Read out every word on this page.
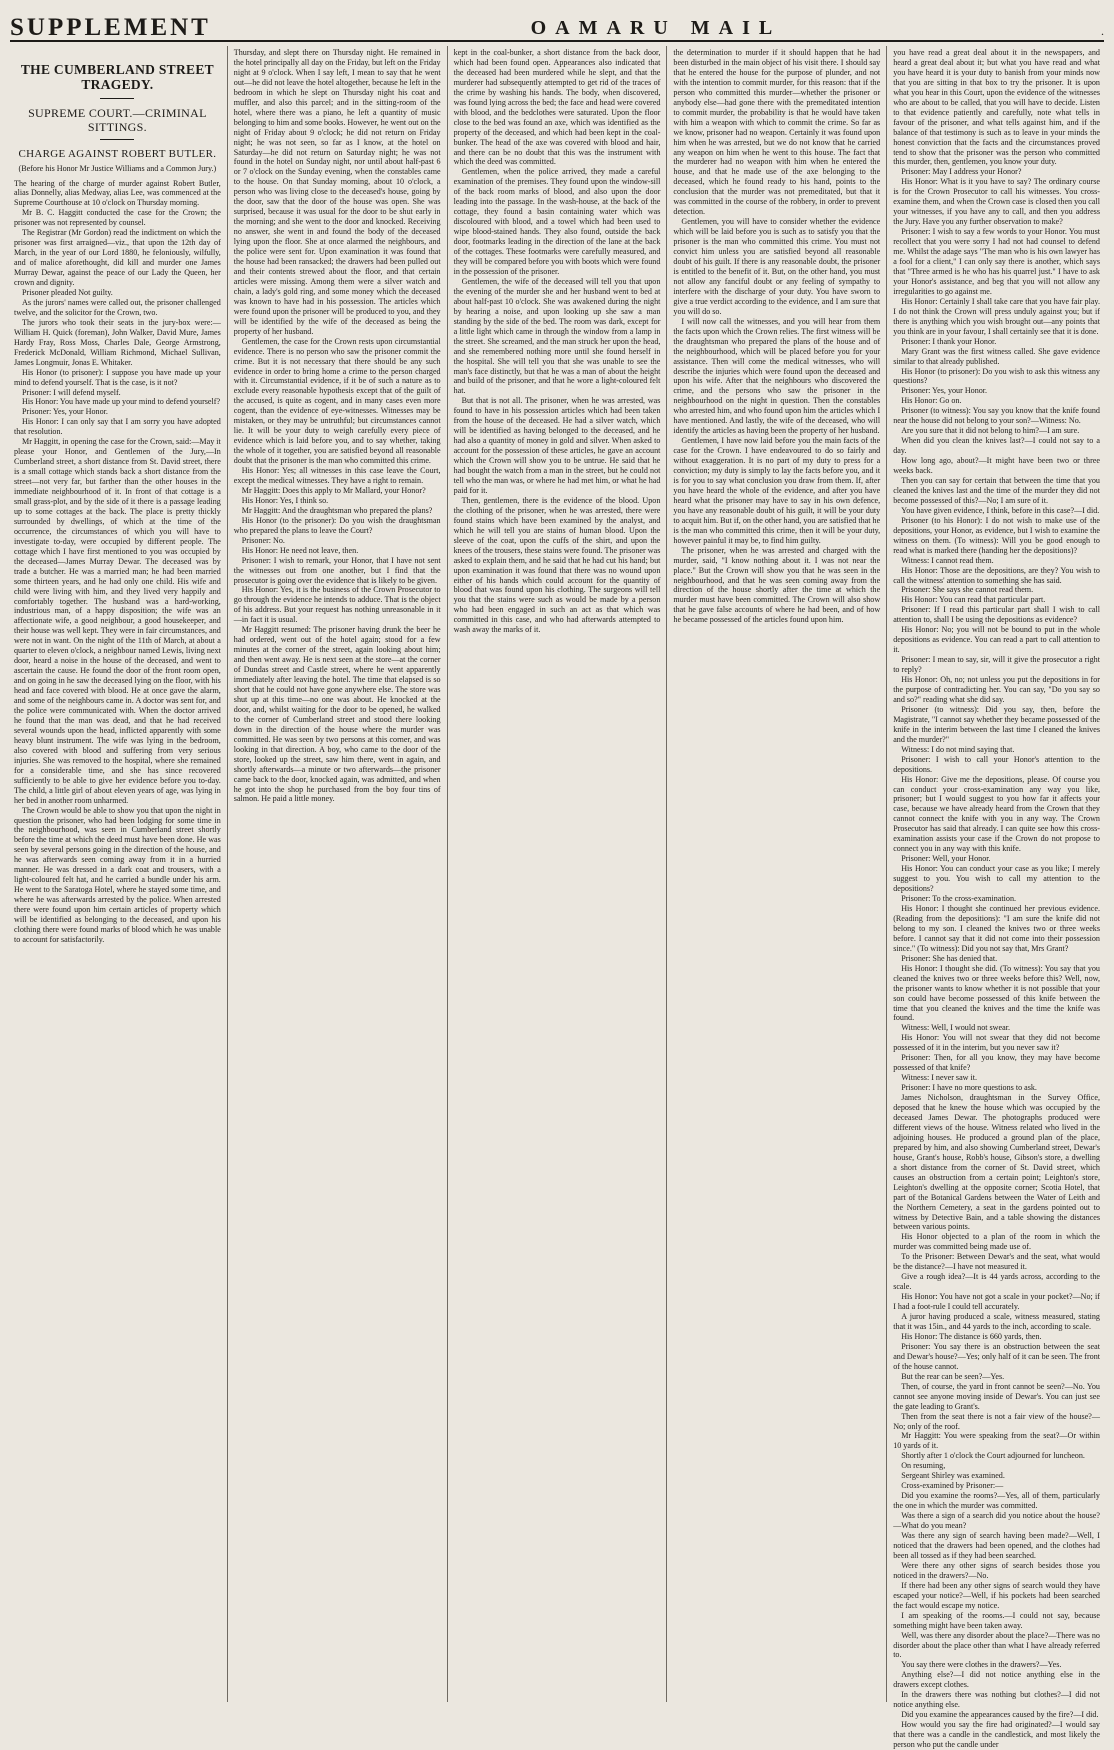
SUPPLEMENT	OAMARU MAIL	.
THE CUMBERLAND STREET TRAGEDY.
SUPREME COURT.—CRIMINAL SITTINGS.
CHARGE AGAINST ROBERT BUTLER.
(Before his Honor Mr Justice Williams and a Common Jury.)

The hearing of the charge of murder against Robert Butler, alias Donnelly, alias Medway, alias Lee, was commenced at the Supreme Courthouse at 10 o'clock on Thursday morning.

Mr B. C. Haggitt conducted the case for the Crown; the prisoner was not represented by counsel.

The Registrar (Mr Gordon) read the indictment on which the prisoner was first arraigned—viz., that upon the 12th day of March, in the year of our Lord 1880, he feloniously, wilfully, and of malice aforethought, did kill and murder one James Murray Dewar, against the peace of our Lady the Queen, her crown and dignity.

Prisoner pleaded Not guilty.

As the jurors' names were called out, the prisoner challenged twelve, and the solicitor for the Crown, two.

The jurors who took their seats in the jury-box were:—William H. Quick (foreman), John Walker, David Mure, James Hardy Fray, Ross Moss, Charles Dale, George Armstrong, Frederick McDonald, William Richmond, Michael Sullivan, James Longmuir, Jonas E. Whitaker.

His Honor (to prisoner): I suppose you have made up your mind to defend yourself. That is the case, is it not?

Prisoner: I will defend myself.

His Honor: You have made up your mind to defend yourself?

Prisoner: Yes, your Honor.

His Honor: I can only say that I am sorry you have adopted that resolution.

Mr Haggitt, in opening the case for the Crown, said:—May it please your Honor, and Gentlemen of the Jury,—In Cumberland street, a short distance from St. David street, there is a small cottage which stands back a short distance from the street—not very far, but farther than the other houses in the immediate neighbourhood of it. In front of that cottage is a small grass-plot, and by the side of it there is a passage leading up to some cottages at the back. The place is pretty thickly surrounded by dwellings, of which at the time of the occurrence, the circumstances of which you will have to investigate to-day, were occupied by different people. The cottage which I have first mentioned to you was occupied by the deceased—James Murray Dewar. The deceased was by trade a butcher. He was a married man; he had been married some thirteen years, and he had only one child. His wife and child were living with him, and they lived very happily and comfortably together. The husband was a hard-working, industrious man, of a happy disposition; the wife was an affectionate wife, a good neighbour, a good housekeeper, and their house was well kept. They were in fair circumstances, and were not in want. On the night of the 11th of March, at about a quarter to eleven o'clock, a neighbour named Lewis, living next door, heard a noise in the house of the deceased, and went to ascertain the cause. He found the door of the front room open, and on going in he saw the deceased lying on the floor, with his head and face covered with blood. He at once gave the alarm, and some of the neighbours came in. A doctor was sent for, and the police were communicated with. When the doctor arrived he found that the man was dead, and that he had received several wounds upon the head, inflicted apparently with some heavy blunt instrument. The wife was lying in the bedroom, also covered with blood and suffering from very serious injuries. She was removed to the hospital, where she remained for a considerable time, and she has since recovered sufficiently to be able to give her evidence before you to-day. The child, a little girl of about eleven years of age, was lying in her bed in another room unharmed.

The Crown would be able to show you that upon the night in question the prisoner, who had been lodging for some time in the neighbourhood, was seen in Cumberland street shortly before the time at which the deed must have been done. He was seen by several persons going in the direction of the house, and he was afterwards seen coming away from it in a hurried manner. He was dressed in a dark coat and trousers, with a light-coloured felt hat, and he carried a bundle under his arm. He went to the Saratoga Hotel, where he stayed some time, and where he was afterwards arrested by the police. When arrested there were found upon him certain articles of property which will be identified as belonging to the deceased, and upon his clothing there were found marks of blood which he was unable to account for satisfactorily.

Thursday, and slept there on Thursday night. He remained in the hotel principally all day on the Friday, but left on the Friday night at 9 o'clock. When I say left, I mean to say that he went out—he did not leave the hotel altogether, because he left in the bedroom in which he slept on Thursday night his coat and muffler, and also this parcel; and in the sitting-room of the hotel, where there was a piano, he left a quantity of music belonging to him and some books. However, he went out on the night of Friday about 9 o'clock; he did not return on Friday night; he was not seen, so far as I know, at the hotel on Saturday—he did not return on Saturday night; he was not found in the hotel on Sunday night, nor until about half-past 6 or 7 o'clock on the Sunday evening, when the constables came to the house. On that Sunday morning, about 10 o'clock, a person who was living close to the deceased's house, going by the door, saw that the door of the house was open. She was surprised, because it was usual for the door to be shut early in the morning; and she went to the door and knocked. Receiving no answer, she went in and found the body of the deceased lying upon the floor. She at once alarmed the neighbours, and the police were sent for. Upon examination it was found that the house had been ransacked; the drawers had been pulled out and their contents strewed about the floor, and that certain articles were missing. Among them were a silver watch and chain, a lady's gold ring, and some money which the deceased was known to have had in his possession. The articles which were found upon the prisoner will be produced to you, and they will be identified by the wife of the deceased as being the property of her husband.

Gentlemen, the case for the Crown rests upon circumstantial evidence. There is no person who saw the prisoner commit the crime. But it is not necessary that there should be any such evidence in order to bring home a crime to the person charged with it. Circumstantial evidence, if it be of such a nature as to exclude every reasonable hypothesis except that of the guilt of the accused, is quite as cogent, and in many cases even more cogent, than the evidence of eye-witnesses. Witnesses may be mistaken, or they may be untruthful; but circumstances cannot lie. It will be your duty to weigh carefully every piece of evidence which is laid before you, and to say whether, taking the whole of it together, you are satisfied beyond all reasonable doubt that the prisoner is the man who committed this crime.

His Honor: Yes; all witnesses in this case leave the Court, except the medical witnesses. They have a right to remain.

Mr Haggitt: Does this apply to Mr Mallard, your Honor?

His Honor: Yes, I think so.

Mr Haggitt: And the draughtsman who prepared the plans?

His Honor (to the prisoner): Do you wish the draughtsman who prepared the plans to leave the Court?

Prisoner: No.

His Honor: He need not leave, then.

Prisoner: I wish to remark, your Honor, that I have not sent the witnesses out from one another, but I find that the prosecutor is going over the evidence that is likely to be given.

His Honor: Yes, it is the business of the Crown Prosecutor to go through the evidence he intends to adduce. That is the object of his address. But your request has nothing unreasonable in it—in fact it is usual.

Mr Haggitt resumed: The prisoner having drunk the beer he had ordered, went out of the hotel again; stood for a few minutes at the corner of the street, again looking about him; and then went away. He is next seen at the store—at the corner of Dundas street and Castle street, where he went apparently immediately after leaving the hotel. The time that elapsed is so short that he could not have gone anywhere else. The store was shut up at this time—no one was about. He knocked at the door, and, whilst waiting for the door to be opened, he walked to the corner of Cumberland street and stood there looking down in the direction of the house where the murder was committed. He was seen by two persons at this corner, and was looking in that direction. A boy, who came to the door of the store, looked up the street, saw him there, went in again, and shortly afterwards—a minute or two afterwards—the prisoner came back to the door, knocked again, was admitted, and when he got into the shop he purchased from the boy four tins of salmon. He paid a little money.

kept in the coal-bunker, a short distance from the back door, which had been found open. Appearances also indicated that the deceased had been murdered while he slept, and that the murderer had subsequently attempted to get rid of the traces of the crime by washing his hands. The body, when discovered, was found lying across the bed; the face and head were covered with blood, and the bedclothes were saturated. Upon the floor close to the bed was found an axe, which was identified as the property of the deceased, and which had been kept in the coal-bunker. The head of the axe was covered with blood and hair, and there can be no doubt that this was the instrument with which the deed was committed.

Gentlemen, when the police arrived, they made a careful examination of the premises. They found upon the window-sill of the back room marks of blood, and also upon the door leading into the passage. In the wash-house, at the back of the cottage, they found a basin containing water which was discoloured with blood, and a towel which had been used to wipe blood-stained hands. They also found, outside the back door, footmarks leading in the direction of the lane at the back of the cottages. These footmarks were carefully measured, and they will be compared before you with boots which were found in the possession of the prisoner.

Gentlemen, the wife of the deceased will tell you that upon the evening of the murder she and her husband went to bed at about half-past 10 o'clock. She was awakened during the night by hearing a noise, and upon looking up she saw a man standing by the side of the bed. The room was dark, except for a little light which came in through the window from a lamp in the street. She screamed, and the man struck her upon the head, and she remembered nothing more until she found herself in the hospital. She will tell you that she was unable to see the man's face distinctly, but that he was a man of about the height and build of the prisoner, and that he wore a light-coloured felt hat.

But that is not all. The prisoner, when he was arrested, was found to have in his possession articles which had been taken from the house of the deceased. He had a silver watch, which will be identified as having belonged to the deceased, and he had also a quantity of money in gold and silver. When asked to account for the possession of these articles, he gave an account which the Crown will show you to be untrue. He said that he had bought the watch from a man in the street, but he could not tell who the man was, or where he had met him, or what he had paid for it.

Then, gentlemen, there is the evidence of the blood. Upon the clothing of the prisoner, when he was arrested, there were found stains which have been examined by the analyst, and which he will tell you are stains of human blood. Upon the sleeve of the coat, upon the cuffs of the shirt, and upon the knees of the trousers, these stains were found. The prisoner was asked to explain them, and he said that he had cut his hand; but upon examination it was found that there was no wound upon either of his hands which could account for the quantity of blood that was found upon his clothing. The surgeons will tell you that the stains were such as would be made by a person who had been engaged in such an act as that which was committed in this case, and who had afterwards attempted to wash away the marks of it.

the determination to murder if it should happen that he had been disturbed in the main object of his visit there. I should say that he entered the house for the purpose of plunder, and not with the intention to commit murder, for this reason: that if the person who committed this murder—whether the prisoner or anybody else—had gone there with the premeditated intention to commit murder, the probability is that he would have taken with him a weapon with which to commit the crime. So far as we know, prisoner had no weapon. Certainly it was found upon him when he was arrested, but we do not know that he carried any weapon on him when he went to this house. The fact that the murderer had no weapon with him when he entered the house, and that he made use of the axe belonging to the deceased, which he found ready to his hand, points to the conclusion that the murder was not premeditated, but that it was committed in the course of the robbery, in order to prevent detection.

Gentlemen, you will have to consider whether the evidence which will be laid before you is such as to satisfy you that the prisoner is the man who committed this crime. You must not convict him unless you are satisfied beyond all reasonable doubt of his guilt. If there is any reasonable doubt, the prisoner is entitled to the benefit of it. But, on the other hand, you must not allow any fanciful doubt or any feeling of sympathy to interfere with the discharge of your duty. You have sworn to give a true verdict according to the evidence, and I am sure that you will do so.

I will now call the witnesses, and you will hear from them the facts upon which the Crown relies. The first witness will be the draughtsman who prepared the plans of the house and of the neighbourhood, which will be placed before you for your assistance. Then will come the medical witnesses, who will describe the injuries which were found upon the deceased and upon his wife. After that the neighbours who discovered the crime, and the persons who saw the prisoner in the neighbourhood on the night in question. Then the constables who arrested him, and who found upon him the articles which I have mentioned. And lastly, the wife of the deceased, who will identify the articles as having been the property of her husband.

Gentlemen, I have now laid before you the main facts of the case for the Crown. I have endeavoured to do so fairly and without exaggeration. It is no part of my duty to press for a conviction; my duty is simply to lay the facts before you, and it is for you to say what conclusion you draw from them. If, after you have heard the whole of the evidence, and after you have heard what the prisoner may have to say in his own defence, you have any reasonable doubt of his guilt, it will be your duty to acquit him. But if, on the other hand, you are satisfied that he is the man who committed this crime, then it will be your duty, however painful it may be, to find him guilty.

The prisoner, when he was arrested and charged with the murder, said, "I know nothing about it. I was not near the place." But the Crown will show you that he was seen in the neighbourhood, and that he was seen coming away from the direction of the house shortly after the time at which the murder must have been committed. The Crown will also show that he gave false accounts of where he had been, and of how he became possessed of the articles found upon him.

you have read a great deal about it in the newspapers, and heard a great deal about it; but what you have read and what you have heard it is your duty to banish from your minds now that you are sitting in that box to try the prisoner. It is upon what you hear in this Court, upon the evidence of the witnesses who are about to be called, that you will have to decide. Listen to that evidence patiently and carefully, note what tells in favour of the prisoner, and what tells against him, and if the balance of that testimony is such as to leave in your minds the honest conviction that the facts and the circumstances proved tend to show that the prisoner was the person who committed this murder, then, gentlemen, you know your duty.

Prisoner: May I address your Honor?

His Honor: What is it you have to say? The ordinary course is for the Crown Prosecutor to call his witnesses. You cross-examine them, and when the Crown case is closed then you call your witnesses, if you have any to call, and then you address the Jury. Have you any further observation to make?

Prisoner: I wish to say a few words to your Honor. You must recollect that you were sorry I had not had counsel to defend me. Whilst the adage says "The man who is his own lawyer has a fool for a client," I can only say there is another, which says that "Three armed is he who has his quarrel just." I have to ask your Honor's assistance, and beg that you will not allow any irregularities to go against me.

His Honor: Certainly I shall take care that you have fair play. I do not think the Crown will press unduly against you; but if there is anything which you wish brought out—any points that you think are in your favour, I shall certainly see that it is done.

Prisoner: I thank your Honor.

Mary Grant was the first witness called. She gave evidence similar to that already published.

His Honor (to prisoner): Do you wish to ask this witness any questions?

Prisoner: Yes, your Honor.

His Honor: Go on.

Prisoner (to witness): You say you know that the knife found near the house did not belong to your son?—Witness: No.

Are you sure that it did not belong to him?—I am sure.

When did you clean the knives last?—I could not say to a day.

How long ago, about?—It might have been two or three weeks back.

Then you can say for certain that between the time that you cleaned the knives last and the time of the murder they did not become possessed of this?—No; I am sure of it.

You have given evidence, I think, before in this case?—I did.

Prisoner (to his Honor): I do not wish to make use of the depositions, your Honor, as evidence, but I wish to examine the witness on them. (To witness): Will you be good enough to read what is marked there (handing her the depositions)?

Witness: I cannot read them.

His Honor: Those are the depositions, are they? You wish to call the witness' attention to something she has said.

Prisoner: She says she cannot read them.

His Honor: You can read that particular part.

Prisoner: If I read this particular part shall I wish to call attention to, shall I be using the depositions as evidence?

His Honor: No; you will not be bound to put in the whole depositions as evidence. You can read a part to call attention to it.

Prisoner: I mean to say, sir, will it give the prosecutor a right to reply?

His Honor: Oh, no; not unless you put the depositions in for the purpose of contradicting her. You can say, "Do you say so and so?" reading what she did say.

Prisoner (to witness): Did you say, then, before the Magistrate, "I cannot say whether they became possessed of the knife in the interim between the last time I cleaned the knives and the murder?"

Witness: I do not mind saying that.

Prisoner: I wish to call your Honor's attention to the depositions.

His Honor: Give me the depositions, please. Of course you can conduct your cross-examination any way you like, prisoner; but I would suggest to you how far it affects your case, because we have already heard from the Crown that they cannot connect the knife with you in any way. The Crown Prosecutor has said that already. I can quite see how this cross-examination assists your case if the Crown do not propose to connect you in any way with this knife.

Prisoner: Well, your Honor.

His Honor: You can conduct your case as you like; I merely suggest to you. You wish to call my attention to the depositions?

Prisoner: To the cross-examination.

His Honor: I thought she continued her previous evidence. (Reading from the depositions): "I am sure the knife did not belong to my son. I cleaned the knives two or three weeks before. I cannot say that it did not come into their possession since." (To witness): Did you not say that, Mrs Grant?

Prisoner: She has denied that.

His Honor: I thought she did. (To witness): You say that you cleaned the knives two or three weeks before this? Well, now, the prisoner wants to know whether it is not possible that your son could have become possessed of this knife between the time that you cleaned the knives and the time the knife was found.

Witness: Well, I would not swear.

His Honor: You will not swear that they did not become possessed of it in the interim, but you never saw it?

Prisoner: Then, for all you know, they may have become possessed of that knife?

Witness: I never saw it.

Prisoner: I have no more questions to ask.

James Nicholson, draughtsman in the Survey Office, deposed that he knew the house which was occupied by the deceased James Dewar. The photographs produced were different views of the house. Witness related who lived in the adjoining houses. He produced a ground plan of the place, prepared by him, and also showing Cumberland street, Dewar's house, Grant's house, Robb's house, Gibson's store, a dwelling a short distance from the corner of St. David street, which causes an obstruction from a certain point; Leighton's store, Leighton's dwelling at the opposite corner; Scotia Hotel, that part of the Botanical Gardens between the Water of Leith and the Northern Cemetery, a seat in the gardens pointed out to witness by Detective Bain, and a table showing the distances between various points.

His Honor objected to a plan of the room in which the murder was committed being made use of.

To the Prisoner: Between Dewar's and the seat, what would be the distance?—I have not measured it.

Give a rough idea?—It is 44 yards across, according to the scale.

His Honor: You have not got a scale in your pocket?—No; if I had a foot-rule I could tell accurately.

A juror having produced a scale, witness measured, stating that it was 15in., and 44 yards to the inch, according to scale.

His Honor: The distance is 660 yards, then.

Prisoner: You say there is an obstruction between the seat and Dewar's house?—Yes; only half of it can be seen. The front of the house cannot.

But the rear can be seen?—Yes.

Then, of course, the yard in front cannot be seen?—No. You cannot see anyone moving inside of Dewar's. You can just see the gate leading to Grant's.

Then from the seat there is not a fair view of the house?—No; only of the roof.

Mr Haggitt: You were speaking from the seat?—Or within 10 yards of it.

Shortly after 1 o'clock the Court adjourned for luncheon.

On resuming,

Sergeant Shirley was examined.

Cross-examined by Prisoner:—

Did you examine the rooms?—Yes, all of them, particularly the one in which the murder was committed.

Was there a sign of a search did you notice about the house?—What do you mean?

Was there any sign of search having been made?—Well, I noticed that the drawers had been opened, and the clothes had been all tossed as if they had been searched.

Were there any other signs of search besides those you noticed in the drawers?—No.

If there had been any other signs of search would they have escaped your notice?—Well, if his pockets had been searched the fact would escape my notice.

I am speaking of the rooms.—I could not say, because something might have been taken away.

Well, was there any disorder about the place?—There was no disorder about the place other than what I have already referred to.

You say there were clothes in the drawers?—Yes.

Anything else?—I did not notice anything else in the drawers except clothes.

In the drawers there was nothing but clothes?—I did not notice anything else.

Did you examine the appearances caused by the fire?—I did.

How would you say the fire had originated?—I would say that there was a candle in the candlestick, and most likely the person who put the candle under
